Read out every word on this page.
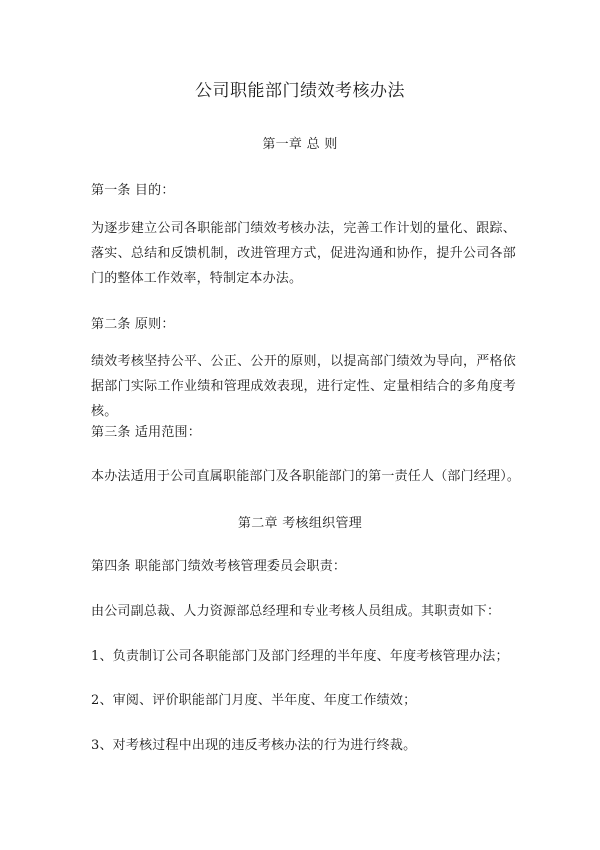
公司职能部门绩效考核办法
第一章 总 则
第一条 目的：
为逐步建立公司各职能部门绩效考核办法，完善工作计划的量化、跟踪、落实、总结和反馈机制，改进管理方式，促进沟通和协作，提升公司各部门的整体工作效率，特制定本办法。
第二条 原则：
绩效考核坚持公平、公正、公开的原则，以提高部门绩效为导向，严格依据部门实际工作业绩和管理成效表现，进行定性、定量相结合的多角度考核。
第三条 适用范围：
本办法适用于公司直属职能部门及各职能部门的第一责任人（部门经理）。
第二章 考核组织管理
第四条 职能部门绩效考核管理委员会职责：
由公司副总裁、人力资源部总经理和专业考核人员组成。其职责如下：
1、负责制订公司各职能部门及部门经理的半年度、年度考核管理办法；
2、审阅、评价职能部门月度、半年度、年度工作绩效；
3、对考核过程中出现的违反考核办法的行为进行终裁。
